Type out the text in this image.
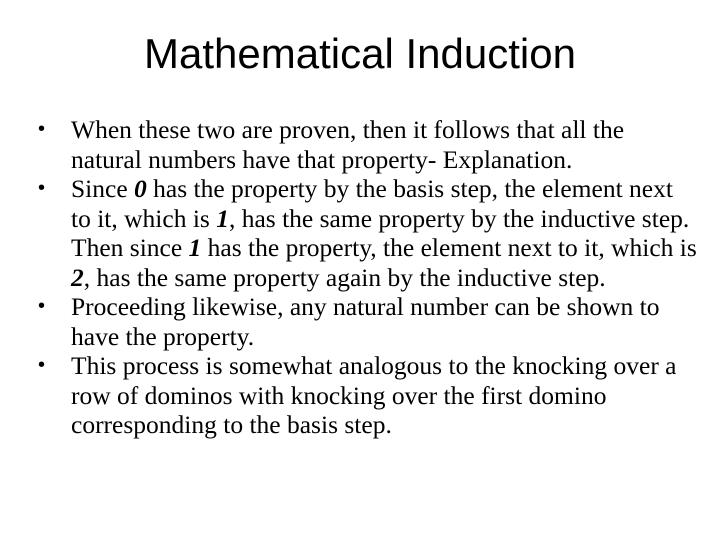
Mathematical Induction
•	When these two are proven, then it follows that all the natural numbers have that property- Explanation.
•	Since 0 has the property by the basis step, the element next to it, which is 1, has the same property by the inductive step. Then since 1 has the property, the element next to it, which is 2, has the same property again by the inductive step.
•	Proceeding likewise, any natural number can be shown to have the property.
•	This process is somewhat analogous to the knocking over a row of dominos with knocking over the first domino corresponding to the basis step.
